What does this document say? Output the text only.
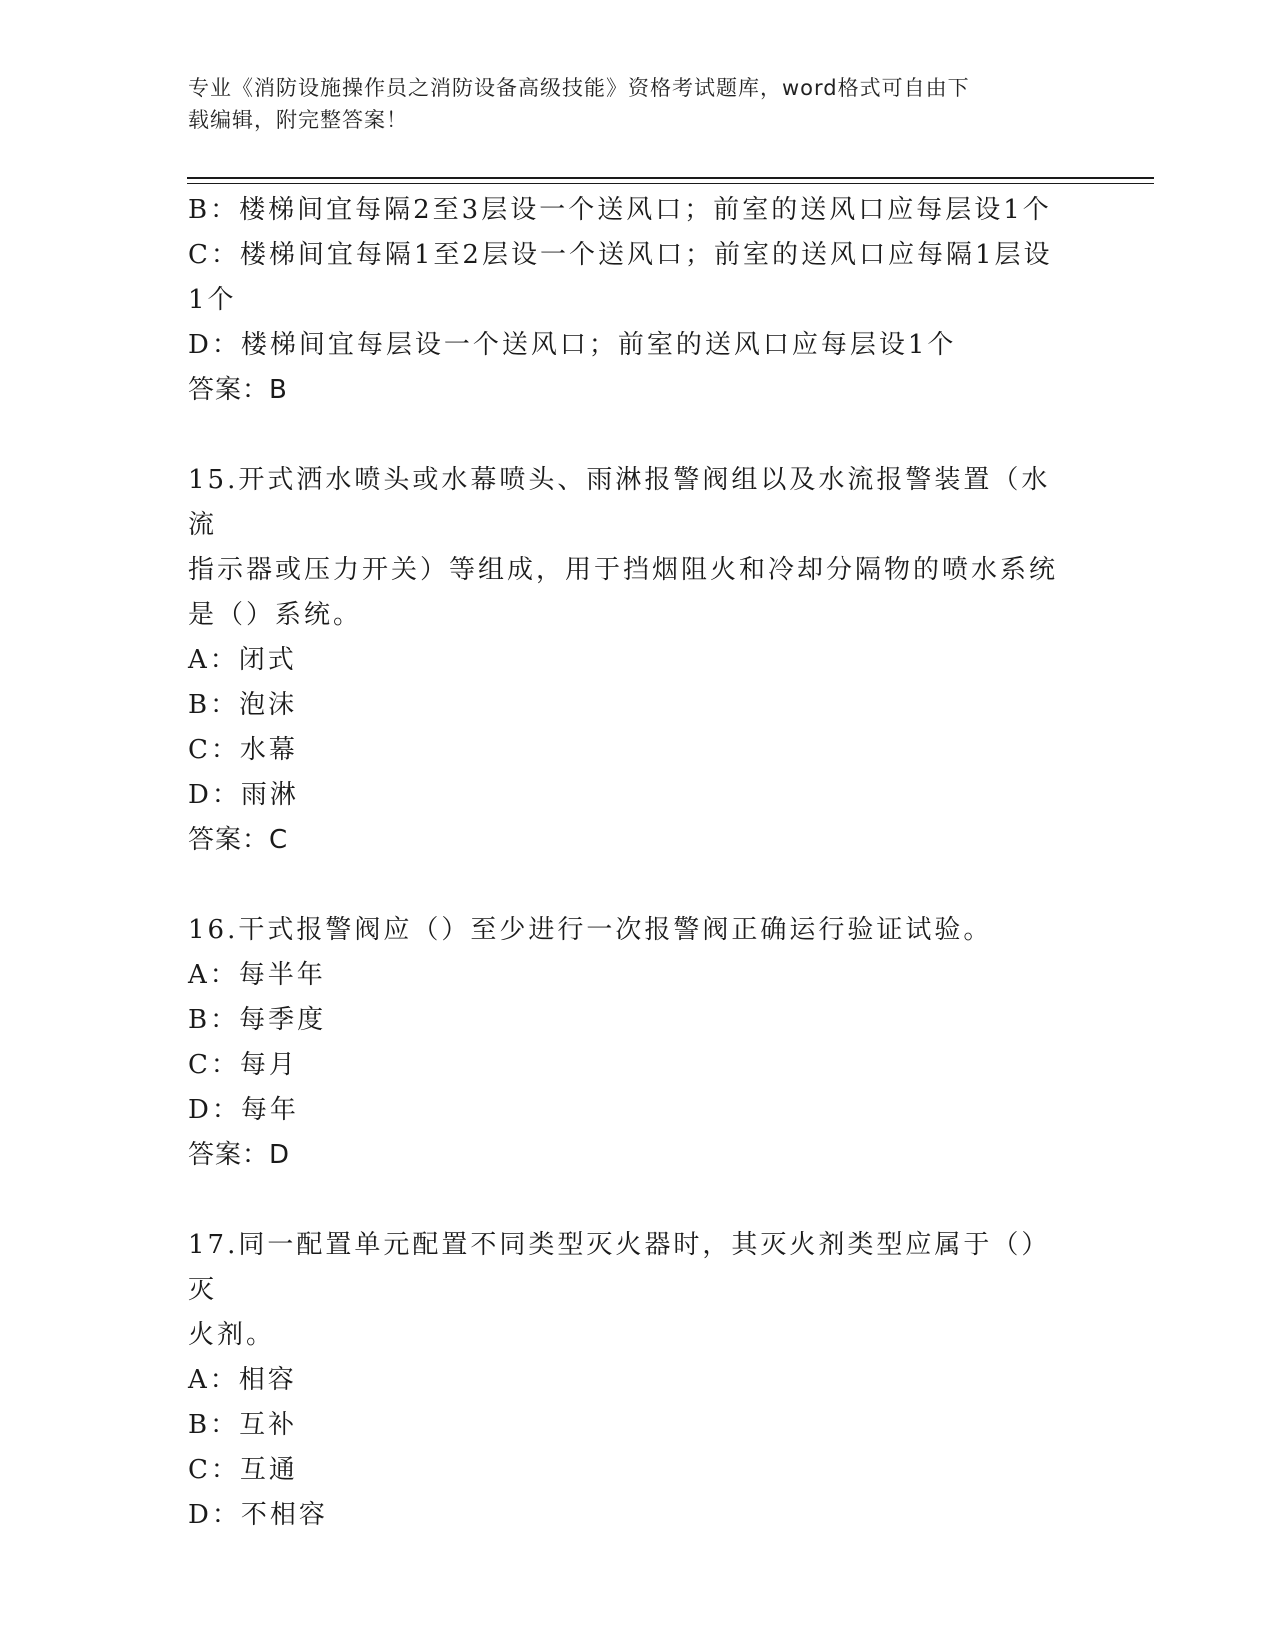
专业《消防设施操作员之消防设备高级技能》资格考试题库，word格式可自由下
载编辑，附完整答案！
B：楼梯间宜每隔2至3层设一个送风口；前室的送风口应每层设1个
C：楼梯间宜每隔1至2层设一个送风口；前室的送风口应每隔1层设
1个
D：楼梯间宜每层设一个送风口；前室的送风口应每层设1个
答案：B
15.开式洒水喷头或水幕喷头、雨淋报警阀组以及水流报警装置（水流
指示器或压力开关）等组成，用于挡烟阻火和冷却分隔物的喷水系统
是（）系统。
A：闭式
B：泡沫
C：水幕
D：雨淋
答案：C
16.干式报警阀应（）至少进行一次报警阀正确运行验证试验。
A：每半年
B：每季度
C：每月
D：每年
答案：D
17.同一配置单元配置不同类型灭火器时，其灭火剂类型应属于（）灭
火剂。
A：相容
B：互补
C：互通
D：不相容
